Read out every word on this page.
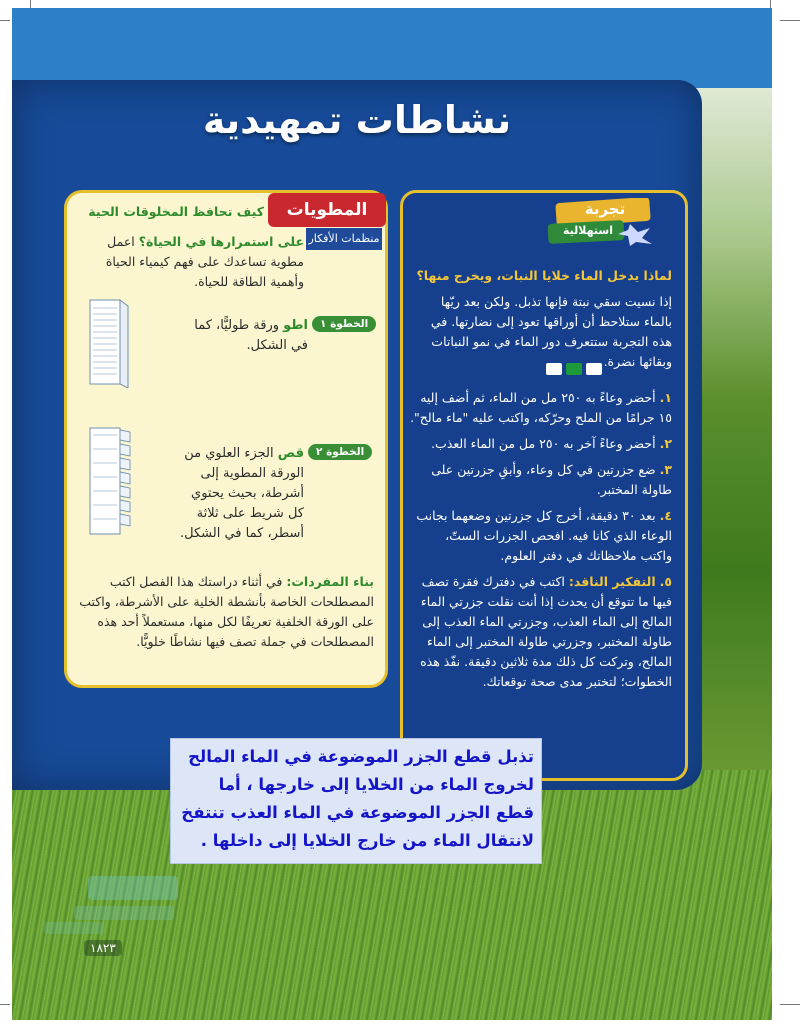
نشاطات تمهيدية
المطويات
منظمات الأفكار
كيف تحافظ المخلوقات الحية
على استمرارها في الحياة؟ اعمل مطوية تساعدك على فهم كيمياء الحياة وأهمية الطاقة للحياة.
الخطوة ١
اطو ورقة طوليًّا، كما في الشكل.
الخطوة ٢
قص الجزء العلوي من الورقة المطوية إلى أشرطة، بحيث يحتوي كل شريط على ثلاثة أسطر، كما في الشكل.
بناء المفردات: في أثناء دراستك هذا الفصل اكتب المصطلحات الخاصة بأنشطة الخلية على الأشرطة، واكتب على الورقة الخلفية تعريفًا لكل منها، مستعملاً أحد هذه المصطلحات في جملة تصف فيها نشاطًا خلويًّا.
تجربة
استهلالية
لماذا يدخل الماء خلايا النبات، ويخرج منها؟
إذا نسيت سقي نبتة فإنها تذبل. ولكن بعد ريّها بالماء ستلاحظ أن أوراقها تعود إلى نضارتها. في هذه التجربة ستتعرف دور الماء في نمو النباتات وبقائها نضرة.
١.أحضر وعاءً به ٢٥٠ مل من الماء، ثم أضف إليه ١٥ جرامًا من الملح وحرّكه، واكتب عليه "ماء مالح".
٢.أحضر وعاءً آخر به ٢٥٠ مل من الماء العذب.
٣.ضع جزرتين في كل وعاء، وأبقِ جزرتين على طاولة المختبر.
٤.بعد ٣٠ دقيقة، أخرج كل جزرتين وضعهما بجانب الوعاء الذي كانا فيه. افحص الجزرات الستّ، واكتب ملاحظاتك في دفتر العلوم.
٥.التفكير الناقد: اكتب في دفترك فقرة تصف فيها ما تتوقع أن يحدث إذا أنت نقلت جزرتي الماء المالح إلى الماء العذب، وجزرتي الماء العذب إلى طاولة المختبر، وجزرتي طاولة المختبر إلى الماء المالح، وتركت كل ذلك مدة ثلاثين دقيقة. نفّذ هذه الخطوات؛ لتختبر مدى صحة توقعاتك.
تذبل قطع الجزر الموضوعة في الماء المالح لخروج الماء من الخلايا إلى خارجها ، أما قطع الجزر الموضوعة في الماء العذب تنتفخ لانتقال الماء من خارج الخلايا إلى داخلها .
١٨٢٣
